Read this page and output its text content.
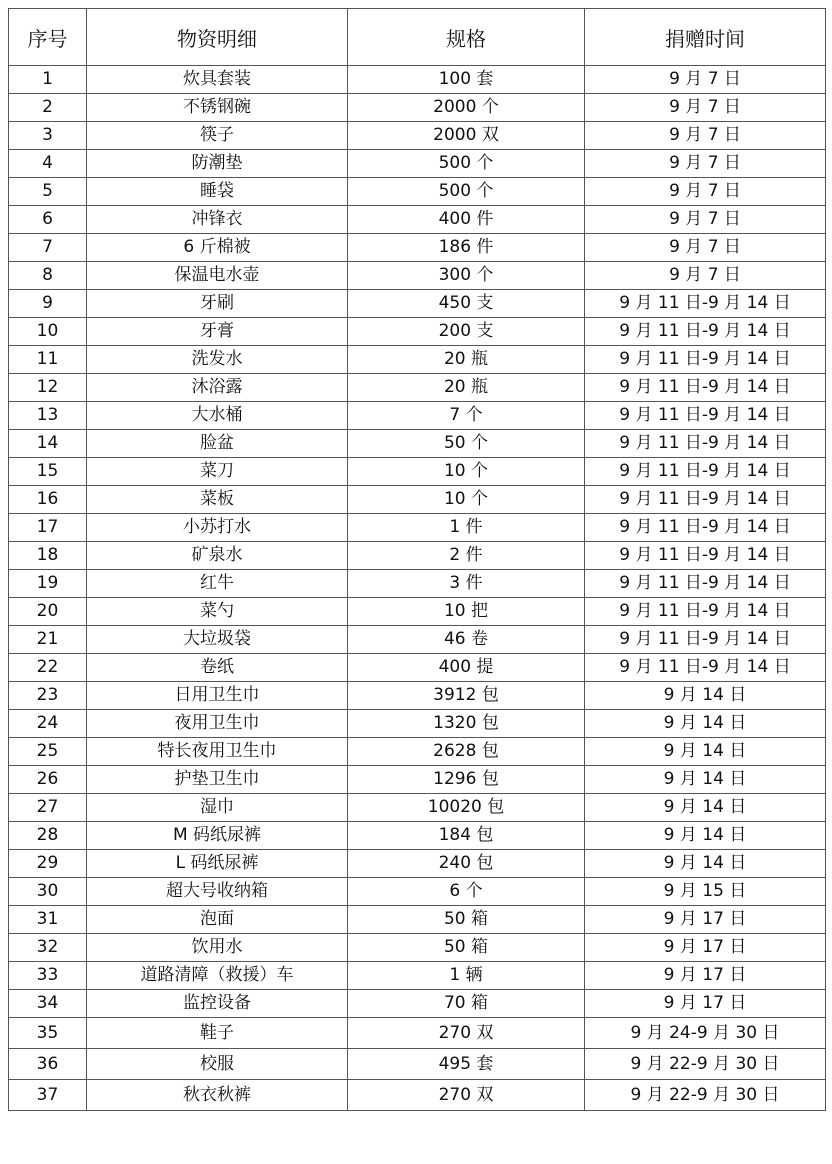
序号	物资明细	规格	捐赠时间
1	炊具套装	100 套	9 月 7 日
2	不锈钢碗	2000 个	9 月 7 日
3	筷子	2000 双	9 月 7 日
4	防潮垫	500 个	9 月 7 日
5	睡袋	500 个	9 月 7 日
6	冲锋衣	400 件	9 月 7 日
7	6 斤棉被	186 件	9 月 7 日
8	保温电水壶	300 个	9 月 7 日
9	牙刷	450 支	9 月 11 日-9 月 14 日
10	牙膏	200 支	9 月 11 日-9 月 14 日
11	洗发水	20 瓶	9 月 11 日-9 月 14 日
12	沐浴露	20 瓶	9 月 11 日-9 月 14 日
13	大水桶	7 个	9 月 11 日-9 月 14 日
14	脸盆	50 个	9 月 11 日-9 月 14 日
15	菜刀	10 个	9 月 11 日-9 月 14 日
16	菜板	10 个	9 月 11 日-9 月 14 日
17	小苏打水	1 件	9 月 11 日-9 月 14 日
18	矿泉水	2 件	9 月 11 日-9 月 14 日
19	红牛	3 件	9 月 11 日-9 月 14 日
20	菜勺	10 把	9 月 11 日-9 月 14 日
21	大垃圾袋	46 卷	9 月 11 日-9 月 14 日
22	卷纸	400 提	9 月 11 日-9 月 14 日
23	日用卫生巾	3912 包	9 月 14 日
24	夜用卫生巾	1320 包	9 月 14 日
25	特长夜用卫生巾	2628 包	9 月 14 日
26	护垫卫生巾	1296 包	9 月 14 日
27	湿巾	10020 包	9 月 14 日
28	M 码纸尿裤	184 包	9 月 14 日
29	L 码纸尿裤	240 包	9 月 14 日
30	超大号收纳箱	6 个	9 月 15 日
31	泡面	50 箱	9 月 17 日
32	饮用水	50 箱	9 月 17 日
33	道路清障（救援）车	1 辆	9 月 17 日
34	监控设备	70 箱	9 月 17 日
35	鞋子	270 双	9 月 24-9 月 30 日
36	校服	495 套	9 月 22-9 月 30 日
37	秋衣秋裤	270 双	9 月 22-9 月 30 日
